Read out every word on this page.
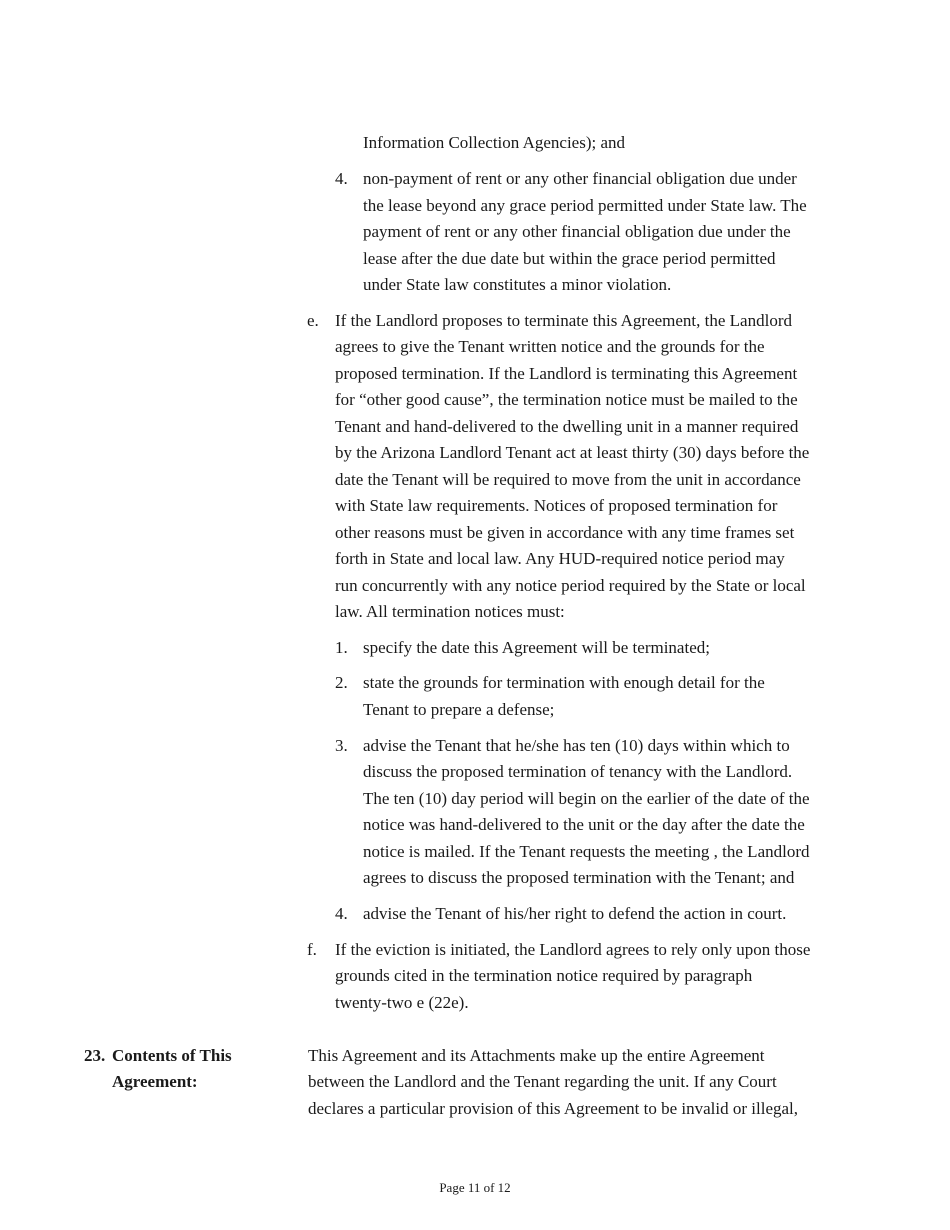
Information Collection Agencies); and
4. non-payment of rent or any other financial obligation due under
the lease beyond any grace period permitted under State law. The
payment of rent or any other financial obligation due under the
lease after the due date but within the grace period permitted
under State law constitutes a minor violation.
e. If the Landlord proposes to terminate this Agreement, the Landlord
agrees to give the Tenant written notice and the grounds for the
proposed termination. If the Landlord is terminating this Agreement
for “other good cause”, the termination notice must be mailed to the
Tenant and hand-delivered to the dwelling unit in a manner required
by the Arizona Landlord Tenant act at least thirty (30) days before the
date the Tenant will be required to move from the unit in accordance
with State law requirements. Notices of proposed termination for
other reasons must be given in accordance with any time frames set
forth in State and local law. Any HUD-required notice period may
run concurrently with any notice period required by the State or local
law. All termination notices must:
1. specify the date this Agreement will be terminated;
2. state the grounds for termination with enough detail for the
Tenant to prepare a defense;
3. advise the Tenant that he/she has ten (10) days within which to
discuss the proposed termination of tenancy with the Landlord.
The ten (10) day period will begin on the earlier of the date of the
notice was hand-delivered to the unit or the day after the date the
notice is mailed. If the Tenant requests the meeting , the Landlord
agrees to discuss the proposed termination with the Tenant; and
4. advise the Tenant of his/her right to defend the action in court.
f. If the eviction is initiated, the Landlord agrees to rely only upon those
grounds cited in the termination notice required by paragraph
twenty-two e (22e).
23. Contents of This
Agreement:
This Agreement and its Attachments make up the entire Agreement
between the Landlord and the Tenant regarding the unit. If any Court
declares a particular provision of this Agreement to be invalid or illegal,
Page 11 of 12
